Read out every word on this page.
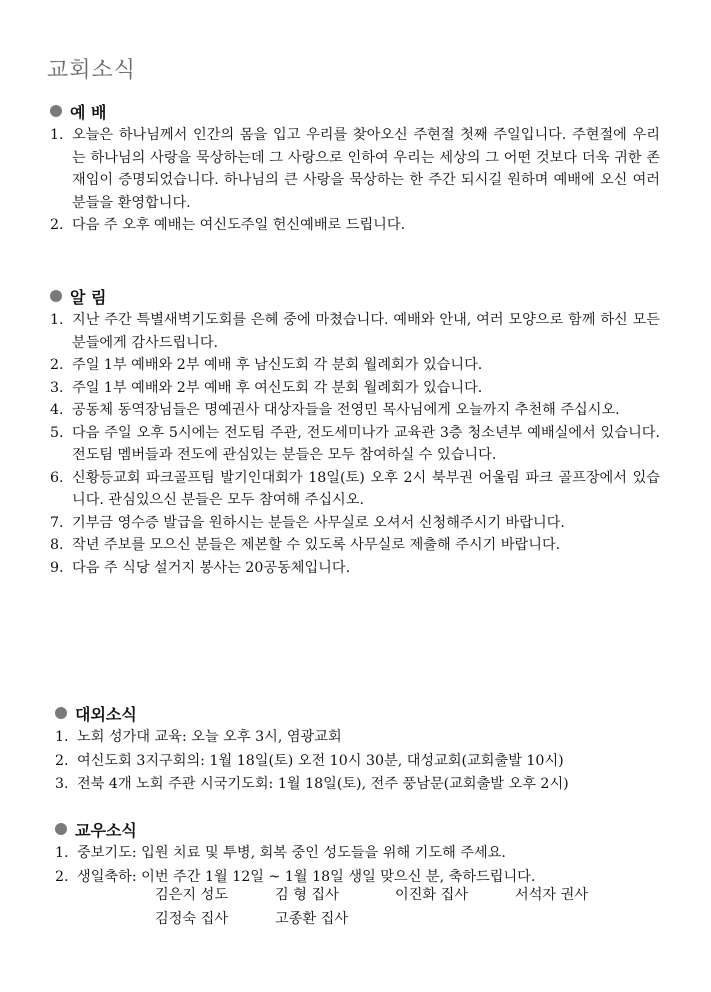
교회소식
예 배
1. 오늘은 하나님께서 인간의 몸을 입고 우리를 찾아오신 주현절 첫째 주일입니다. 주현절에 우리는 하나님의 사랑을 묵상하는데 그 사랑으로 인하여 우리는 세상의 그 어떤 것보다 더욱 귀한 존재임이 증명되었습니다. 하나님의 큰 사랑을 묵상하는 한 주간 되시길 원하며 예배에 오신 여러분들을 환영합니다.
2. 다음 주 오후 예배는 여신도주일 헌신예배로 드립니다.
알 림
1. 지난 주간 특별새벽기도회를 은혜 중에 마쳤습니다. 예배와 안내, 여러 모양으로 함께 하신 모든 분들에게 감사드립니다.
2. 주일 1부 예배와 2부 예배 후 남신도회 각 분회 월례회가 있습니다.
3. 주일 1부 예배와 2부 예배 후 여신도회 각 분회 월례회가 있습니다.
4. 공동체 동역장님들은 명예권사 대상자들을 전영민 목사님에게 오늘까지 추천해 주십시오.
5. 다음 주일 오후 5시에는 전도팀 주관, 전도세미나가 교육관 3층 청소년부 예배실에서 있습니다. 전도팀 멤버들과 전도에 관심있는 분들은 모두 참여하실 수 있습니다.
6. 신황등교회 파크골프팀 발기인대회가 18일(토) 오후 2시 북부권 어울림 파크 골프장에서 있습니다. 관심있으신 분들은 모두 참여해 주십시오.
7. 기부금 영수증 발급을 원하시는 분들은 사무실로 오셔서 신청해주시기 바랍니다.
8. 작년 주보를 모으신 분들은 제본할 수 있도록 사무실로 제출해 주시기 바랍니다.
9. 다음 주 식당 설거지 봉사는 20공동체입니다.
대외소식
1. 노회 성가대 교육: 오늘 오후 3시, 염광교회
2. 여신도회 3지구회의: 1월 18일(토) 오전 10시 30분, 대성교회(교회출발 10시)
3. 전북 4개 노회 주관 시국기도회: 1월 18일(토), 전주 풍남문(교회출발 오후 2시)
교우소식
1. 중보기도: 입원 치료 및 투병, 회복 중인 성도들을 위해 기도해 주세요.
2. 생일축하: 이번 주간 1월 12일 ~ 1월 18일 생일 맞으신 분, 축하드립니다.
김은지 성도	김 형 집사	이진화 집사	서석자 권사
김정숙 집사	고종환 집사
